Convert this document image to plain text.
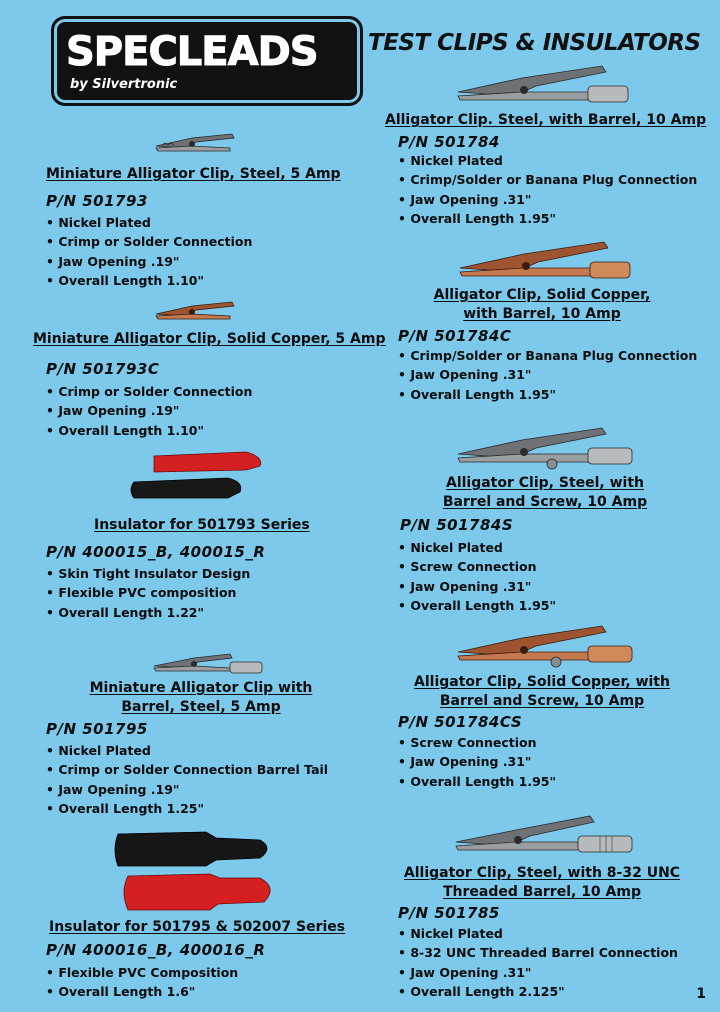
SPECLEADS
by Silvertronic
TEST CLIPS & INSULATORS
Miniature Alligator Clip, Steel, 5 Amp
P/N 501793
• Nickel Plated
• Crimp or Solder Connection
• Jaw Opening .19"
• Overall Length 1.10"
Miniature Alligator Clip, Solid Copper, 5 Amp
P/N 501793C
• Crimp or Solder Connection
• Jaw Opening .19"
• Overall Length 1.10"
Insulator for 501793 Series
P/N 400015_B, 400015_R
• Skin Tight Insulator Design
• Flexible PVC composition
• Overall Length 1.22"
Miniature Alligator Clip with
Barrel, Steel, 5 Amp
P/N 501795
• Nickel Plated
• Crimp or Solder Connection Barrel Tail
• Jaw Opening .19"
• Overall Length 1.25"
Insulator for 501795 & 502007 Series
P/N 400016_B, 400016_R
• Flexible PVC Composition
• Overall Length 1.6"
Alligator Clip. Steel, with Barrel, 10 Amp
P/N 501784
• Nickel Plated
• Crimp/Solder or Banana Plug Connection
• Jaw Opening .31"
• Overall Length 1.95"
Alligator Clip, Solid Copper,
with Barrel, 10 Amp
P/N 501784C
• Crimp/Solder or Banana Plug Connection
• Jaw Opening .31"
• Overall Length 1.95"
Alligator Clip, Steel, with
Barrel and Screw, 10 Amp
P/N 501784S
• Nickel Plated
• Screw Connection
• Jaw Opening .31"
• Overall Length 1.95"
Alligator Clip, Solid Copper, with
Barrel and Screw, 10 Amp
P/N 501784CS
• Screw Connection
• Jaw Opening .31"
• Overall Length 1.95"
Alligator Clip, Steel, with 8-32 UNC
Threaded Barrel, 10 Amp
P/N 501785
• Nickel Plated
• 8-32 UNC Threaded Barrel Connection
• Jaw Opening .31"
• Overall Length 2.125"	1
